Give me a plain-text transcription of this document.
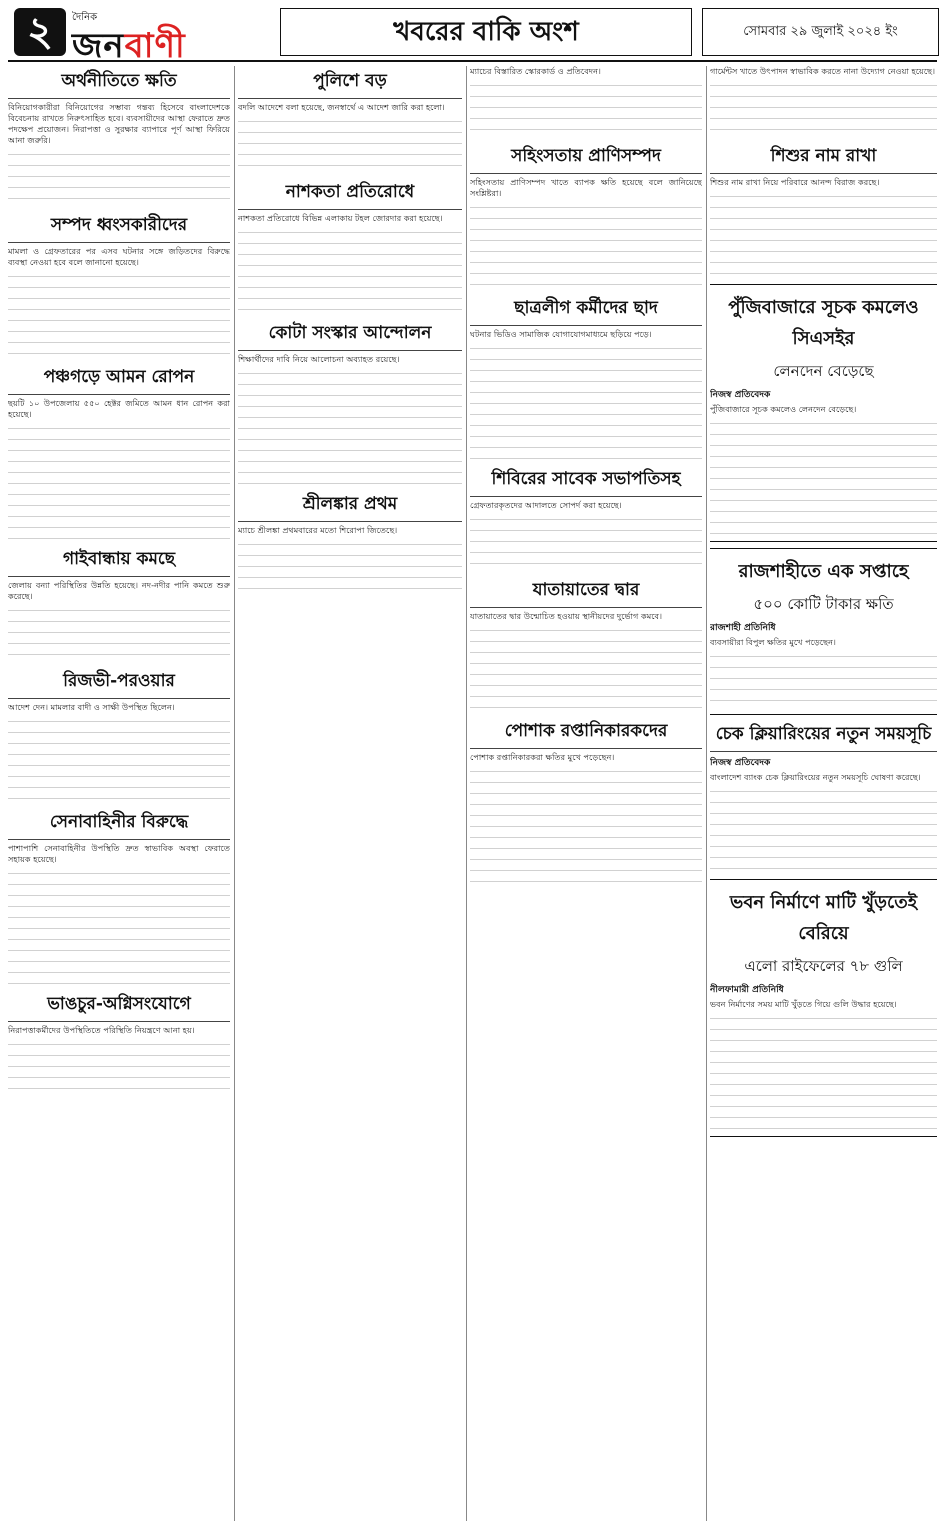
২	দৈনিক
জনবাণী	খবরের বাকি অংশ	সোমবার ২৯ জুলাই ২০২৪ ইং
অর্থনীতিতে ক্ষতি

বিনিয়োগকারীরা বিনিয়োগের সম্ভাব্য গন্তব্য হিসেবে বাংলাদেশকে বিবেচনায় রাখতে নিরুৎসাহিত হবে। ব্যবসায়ীদের আস্থা ফেরাতে দ্রুত পদক্ষেপ প্রয়োজন। নিরাপত্তা ও সুরক্ষার ব্যাপারে পূর্ণ আস্থা ফিরিয়ে আনা জরুরি।

সম্পদ ধ্বংসকারীদের

মামলা ও গ্রেফতারের পর এসব ঘটনার সঙ্গে জড়িতদের বিরুদ্ধে ব্যবস্থা নেওয়া হবে বলে জানানো হয়েছে।

পঞ্চগড়ে আমন রোপন

ছয়টি ১০ উপজেলায় ৫৫০ হেক্টর জমিতে আমন ধান রোপন করা হয়েছে।

গাইবান্ধায় কমছে

জেলায় বন্যা পরিস্থিতির উন্নতি হয়েছে। নদ-নদীর পানি কমতে শুরু করেছে।

রিজভী-পরওয়ার

আদেশ দেন। মামলার বাদী ও সাক্ষী উপস্থিত ছিলেন।

সেনাবাহিনীর বিরুদ্ধে

পাশাপাশি সেনাবাহিনীর উপস্থিতি দ্রুত স্বাভাবিক অবস্থা ফেরাতে সহায়ক হয়েছে।

ভাঙচুর-অগ্নিসংযোগে

নিরাপত্তাকর্মীদের উপস্থিতিতে পরিস্থিতি নিয়ন্ত্রণে আনা হয়।

পুলিশে বড়

বদলি আদেশে বলা হয়েছে, জনস্বার্থে এ আদেশ জারি করা হলো।

নাশকতা প্রতিরোধে

নাশকতা প্রতিরোধে বিভিন্ন এলাকায় টহল জোরদার করা হয়েছে।

কোটা সংস্কার আন্দোলন

শিক্ষার্থীদের দাবি নিয়ে আলোচনা অব্যাহত রয়েছে।

শ্রীলঙ্কার প্রথম

ম্যাচে শ্রীলঙ্কা প্রথমবারের মতো শিরোপা জিতেছে।

ম্যাচের বিস্তারিত স্কোরকার্ড ও প্রতিবেদন।

সহিংসতায় প্রাণিসম্পদ

সহিংসতায় প্রাণিসম্পদ খাতে ব্যাপক ক্ষতি হয়েছে বলে জানিয়েছে সংশ্লিষ্টরা।

ছাত্রলীগ কর্মীদের ছাদ

ঘটনার ভিডিও সামাজিক যোগাযোগমাধ্যমে ছড়িয়ে পড়ে।

শিবিরের সাবেক সভাপতিসহ

গ্রেফতারকৃতদের আদালতে সোপর্দ করা হয়েছে।

যাতায়াতের দ্বার

যাতায়াতের দ্বার উন্মোচিত হওয়ায় স্থানীয়দের দুর্ভোগ কমবে।

পোশাক রপ্তানিকারকদের

পোশাক রপ্তানিকারকরা ক্ষতির মুখে পড়েছেন।

গার্মেন্টস খাতে উৎপাদন স্বাভাবিক করতে নানা উদ্যোগ নেওয়া হয়েছে।

শিশুর নাম রাখা

শিশুর নাম রাখা নিয়ে পরিবারে আনন্দ বিরাজ করছে।

পুঁজিবাজারে সূচক কমলেও সিএসইর
লেনদেন বেড়েছে
নিজস্ব প্রতিবেদক

পুঁজিবাজারে সূচক কমলেও লেনদেন বেড়েছে।

রাজশাহীতে এক সপ্তাহে
৫০০ কোটি টাকার ক্ষতি
রাজশাহী প্রতিনিধি

ব্যবসায়ীরা বিপুল ক্ষতির মুখে পড়েছেন।

চেক ক্লিয়ারিংয়ের নতুন সময়সূচি
নিজস্ব প্রতিবেদক

বাংলাদেশ ব্যাংক চেক ক্লিয়ারিংয়ের নতুন সময়সূচি ঘোষণা করেছে।

ভবন নির্মাণে মাটি খুঁড়তেই বেরিয়ে
এলো রাইফেলের ৭৮ গুলি
নীলফামারী প্রতিনিধি

ভবন নির্মাণের সময় মাটি খুঁড়তে গিয়ে গুলি উদ্ধার হয়েছে।
